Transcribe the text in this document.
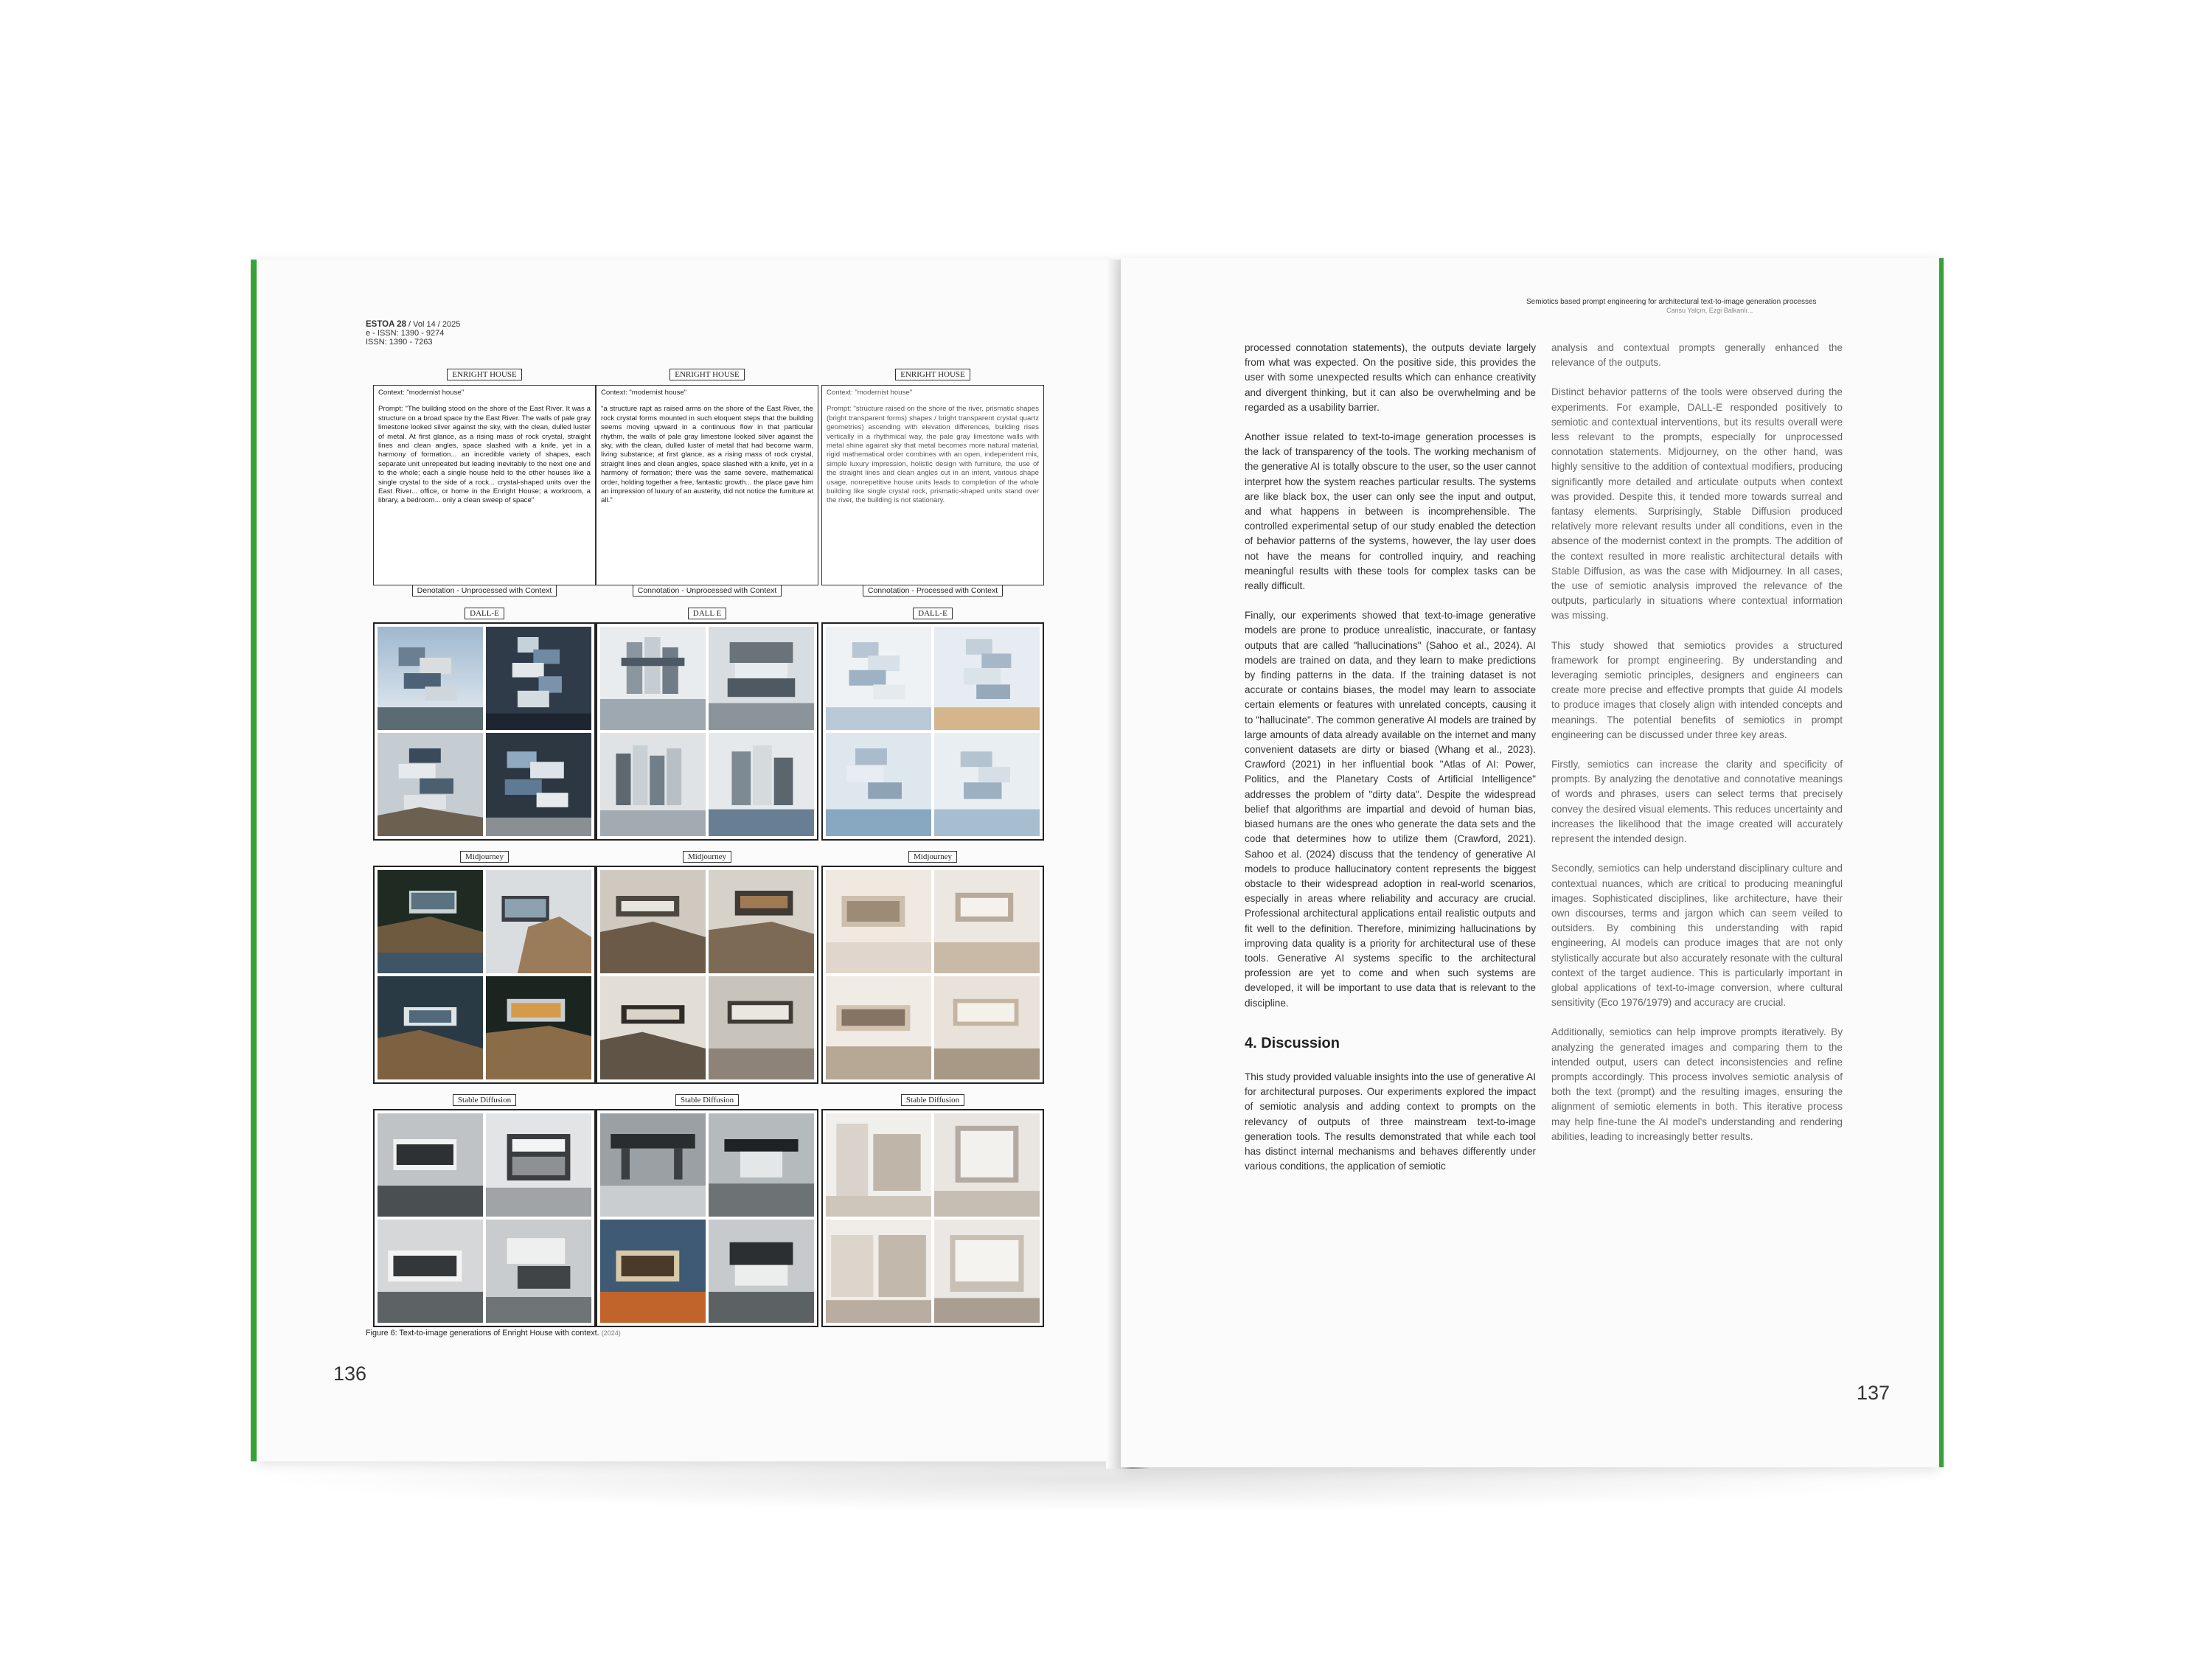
ESTOA 28 / Vol 14 / 2025
e - ISSN: 1390 - 9274
ISSN: 1390 - 7263
ENRIGHT HOUSE
Context: "modernist house"
Prompt: "The building stood on the shore of the East River. It was a structure on a broad space by the East River. The walls of pale gray limestone looked silver against the sky, with the clean, dulled luster of metal. At first glance, as a rising mass of rock crystal, straight lines and clean angles, space slashed with a knife, yet in a harmony of formation... an incredible variety of shapes, each separate unit unrepeated but leading inevitably to the next one and to the whole; each a single house held to the other houses like a single crystal to the side of a rock... crystal-shaped units over the East River... office, or home in the Enright House; a workroom, a library, a bedroom... only a clean sweep of space"
Denotation - Unprocessed with Context
DALL-E
Midjourney
Stable Diffusion
ENRIGHT HOUSE
Context: "modernist house"
"a structure rapt as raised arms on the shore of the East River, the rock crystal forms mounted in such eloquent steps that the building seems moving upward in a continuous flow in that particular rhythm, the walls of pale gray limestone looked silver against the sky, with the clean, dulled luster of metal that had become warm, living substance; at first glance, as a rising mass of rock crystal, straight lines and clean angles, space slashed with a knife, yet in a harmony of formation; there was the same severe, mathematical order, holding together a free, fantastic growth... the place gave him an impression of luxury of an austerity, did not notice the furniture at all."
Connotation - Unprocessed with Context
DALL E
Midjourney
Stable Diffusion
ENRIGHT HOUSE
Context: "modernist house"
Prompt: "structure raised on the shore of the river, prismatic shapes (bright transparent forms) shapes / bright transparent crystal quartz geometries) ascending with elevation differences, building rises vertically in a rhythmical way, the pale gray limestone walls with metal shine against sky that metal becomes more natural material, rigid mathematical order combines with an open, independent mix, simple luxury impression, holistic design with furniture, the use of the straight lines and clean angles cut in an intent, various shape usage, nonrepetitive house units leads to completion of the whole building like single crystal rock, prismatic-shaped units stand over the river, the building is not stationary.
Connotation - Processed with Context
DALL-E
Midjourney
Stable Diffusion
Figure 6: Text-to-image generations of Enright House with context. (2024)
136
Semiotics based prompt engineering for architectural text-to-image generation processes
Cansu Yalçın, Ezgi Balkanlı...

processed connotation statements), the outputs deviate largely from what was expected. On the positive side, this provides the user with some unexpected results which can enhance creativity and divergent thinking, but it can also be overwhelming and be regarded as a usability barrier.

Another issue related to text-to-image generation processes is the lack of transparency of the tools. The working mechanism of the generative AI is totally obscure to the user, so the user cannot interpret how the system reaches particular results. The systems are like black box, the user can only see the input and output, and what happens in between is incomprehensible. The controlled experimental setup of our study enabled the detection of behavior patterns of the systems, however, the lay user does not have the means for controlled inquiry, and reaching meaningful results with these tools for complex tasks can be really difficult.

Finally, our experiments showed that text-to-image generative models are prone to produce unrealistic, inaccurate, or fantasy outputs that are called "hallucinations" (Sahoo et al., 2024). AI models are trained on data, and they learn to make predictions by finding patterns in the data. If the training dataset is not accurate or contains biases, the model may learn to associate certain elements or features with unrelated concepts, causing it to "hallucinate". The common generative AI models are trained by large amounts of data already available on the internet and many convenient datasets are dirty or biased (Whang et al., 2023). Crawford (2021) in her influential book "Atlas of AI: Power, Politics, and the Planetary Costs of Artificial Intelligence" addresses the problem of "dirty data". Despite the widespread belief that algorithms are impartial and devoid of human bias, biased humans are the ones who generate the data sets and the code that determines how to utilize them (Crawford, 2021). Sahoo et al. (2024) discuss that the tendency of generative AI models to produce hallucinatory content represents the biggest obstacle to their widespread adoption in real-world scenarios, especially in areas where reliability and accuracy are crucial. Professional architectural applications entail realistic outputs and fit well to the definition. Therefore, minimizing hallucinations by improving data quality is a priority for architectural use of these tools. Generative AI systems specific to the architectural profession are yet to come and when such systems are developed, it will be important to use data that is relevant to the discipline.

4. Discussion

This study provided valuable insights into the use of generative AI for architectural purposes. Our experiments explored the impact of semiotic analysis and adding context to prompts on the relevancy of outputs of three mainstream text-to-image generation tools. The results demonstrated that while each tool has distinct internal mechanisms and behaves differently under various conditions, the application of semiotic

analysis and contextual prompts generally enhanced the relevance of the outputs.

Distinct behavior patterns of the tools were observed during the experiments. For example, DALL-E responded positively to semiotic and contextual interventions, but its results overall were less relevant to the prompts, especially for unprocessed connotation statements. Midjourney, on the other hand, was highly sensitive to the addition of contextual modifiers, producing significantly more detailed and articulate outputs when context was provided. Despite this, it tended more towards surreal and fantasy elements. Surprisingly, Stable Diffusion produced relatively more relevant results under all conditions, even in the absence of the modernist context in the prompts. The addition of the context resulted in more realistic architectural details with Stable Diffusion, as was the case with Midjourney. In all cases, the use of semiotic analysis improved the relevance of the outputs, particularly in situations where contextual information was missing.

This study showed that semiotics provides a structured framework for prompt engineering. By understanding and leveraging semiotic principles, designers and engineers can create more precise and effective prompts that guide AI models to produce images that closely align with intended concepts and meanings. The potential benefits of semiotics in prompt engineering can be discussed under three key areas.

Firstly, semiotics can increase the clarity and specificity of prompts. By analyzing the denotative and connotative meanings of words and phrases, users can select terms that precisely convey the desired visual elements. This reduces uncertainty and increases the likelihood that the image created will accurately represent the intended design.

Secondly, semiotics can help understand disciplinary culture and contextual nuances, which are critical to producing meaningful images. Sophisticated disciplines, like architecture, have their own discourses, terms and jargon which can seem veiled to outsiders. By combining this understanding with rapid engineering, AI models can produce images that are not only stylistically accurate but also accurately resonate with the cultural context of the target audience. This is particularly important in global applications of text-to-image conversion, where cultural sensitivity (Eco 1976/1979) and accuracy are crucial.

Additionally, semiotics can help improve prompts iteratively. By analyzing the generated images and comparing them to the intended output, users can detect inconsistencies and refine prompts accordingly. This process involves semiotic analysis of both the text (prompt) and the resulting images, ensuring the alignment of semiotic elements in both. This iterative process may help fine-tune the AI model's understanding and rendering abilities, leading to increasingly better results.

137
